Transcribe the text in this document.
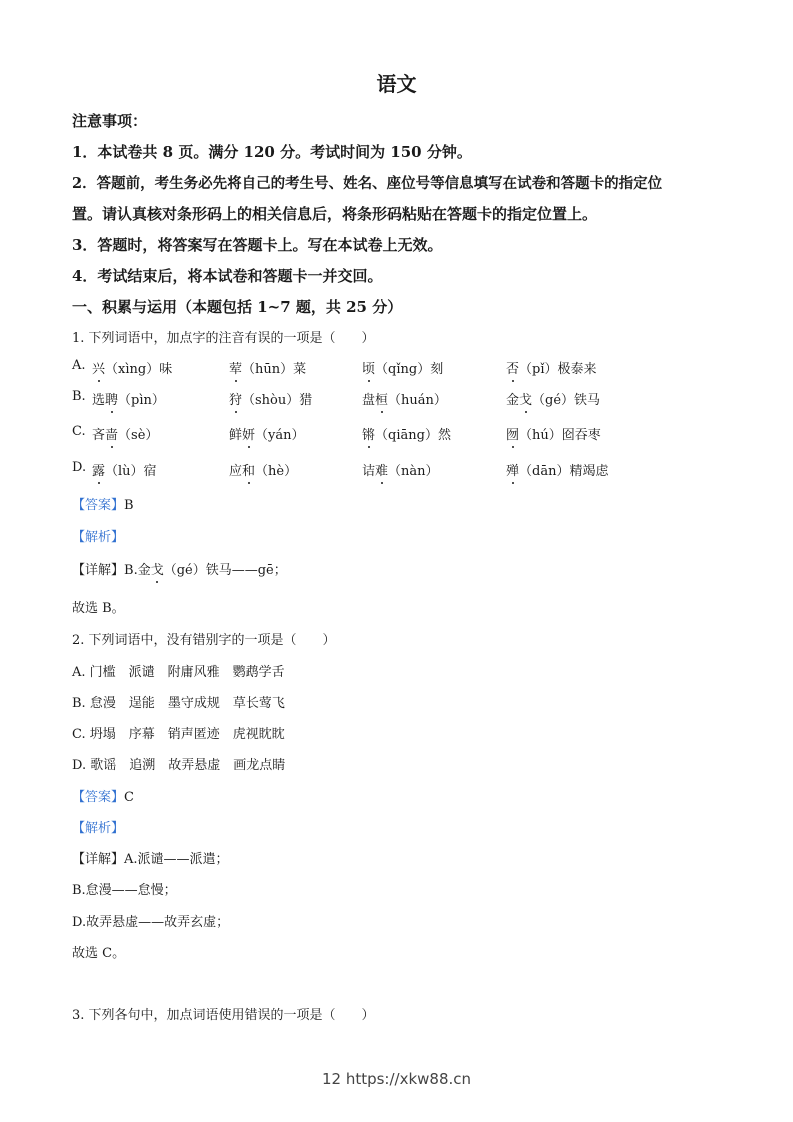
语文
注意事项：
1．本试卷共 8 页。满分 120 分。考试时间为 150 分钟。
2．答题前，考生务必先将自己的考生号、姓名、座位号等信息填写在试卷和答题卡的指定位
置。请认真核对条形码上的相关信息后，将条形码粘贴在答题卡的指定位置上。
3．答题时，将答案写在答题卡上。写在本试卷上无效。
4．考试结束后，将本试卷和答题卡一并交回。
一、积累与运用（本题包括 1~7 题，共 25 分）
1. 下列词语中，加点字的注音有误的一项是（　　）
A. 兴（xìng）味	荤（hūn）菜	顷（qǐng）刻	否（pǐ）极泰来
B. 选聘（pìn）	狩（shòu）猎	盘桓（huán）	金戈（gé）铁马
C. 吝啬（sè）	鲜妍（yán）	锵（qiāng）然	囫（hú）囵吞枣
D. 露（lù）宿	应和（hè）	诘难（nàn）	殚（dān）精竭虑
【答案】B
【解析】
【详解】B.金戈（gé）铁马——gē；
故选 B。
2. 下列词语中，没有错别字的一项是（　　）
A. 门槛　派谴　附庸风雅　鹦鹉学舌
B. 怠漫　逞能　墨守成规　草长莺飞
C. 坍塌　序幕　销声匿迹　虎视眈眈
D. 歌谣　追溯　故弄悬虚　画龙点睛
【答案】C
【解析】
【详解】A.派谴——派遣；
B.怠漫——怠慢；
D.故弄悬虚——故弄玄虚；
故选 C。
3. 下列各句中，加点词语使用错误的一项是（　　）
12 https://xkw88.cn
